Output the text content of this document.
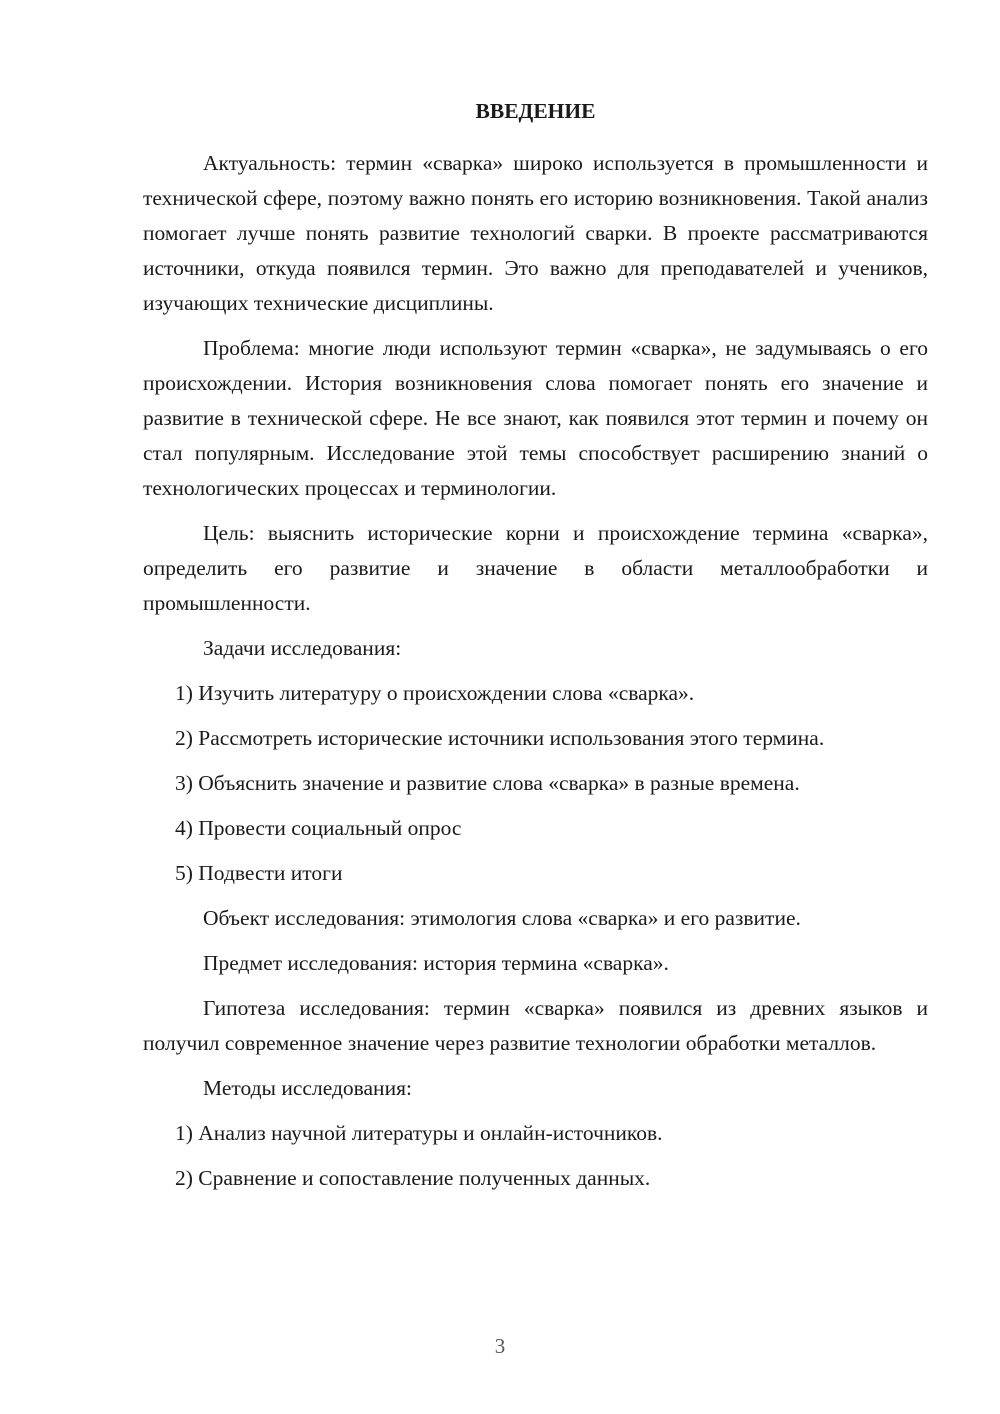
ВВЕДЕНИЕ

Актуальность: термин «сварка» широко используется в промышленности и технической сфере, поэтому важно понять его историю возникновения. Такой анализ помогает лучше понять развитие технологий сварки. В проекте рассматриваются источники, откуда появился термин. Это важно для преподавателей и учеников, изучающих технические дисциплины.

Проблема: многие люди используют термин «сварка», не задумываясь о его происхождении. История возникновения слова помогает понять его значение и развитие в технической сфере. Не все знают, как появился этот термин и почему он стал популярным. Исследование этой темы способствует расширению знаний о технологических процессах и терминологии.

Цель: выяснить исторические корни и происхождение термина «сварка», определить его развитие и значение в области металлообработки и промышленности.

Задачи исследования:

1) Изучить литературу о происхождении слова «сварка».

2) Рассмотреть исторические источники использования этого термина.

3) Объяснить значение и развитие слова «сварка» в разные времена.

4) Провести социальный опрос

5) Подвести итоги

Объект исследования: этимология слова «сварка» и его развитие.

Предмет исследования: история термина «сварка».

Гипотеза исследования: термин «сварка» появился из древних языков и получил современное значение через развитие технологии обработки металлов.

Методы исследования:

1) Анализ научной литературы и онлайн-источников.

2) Сравнение и сопоставление полученных данных.

3
